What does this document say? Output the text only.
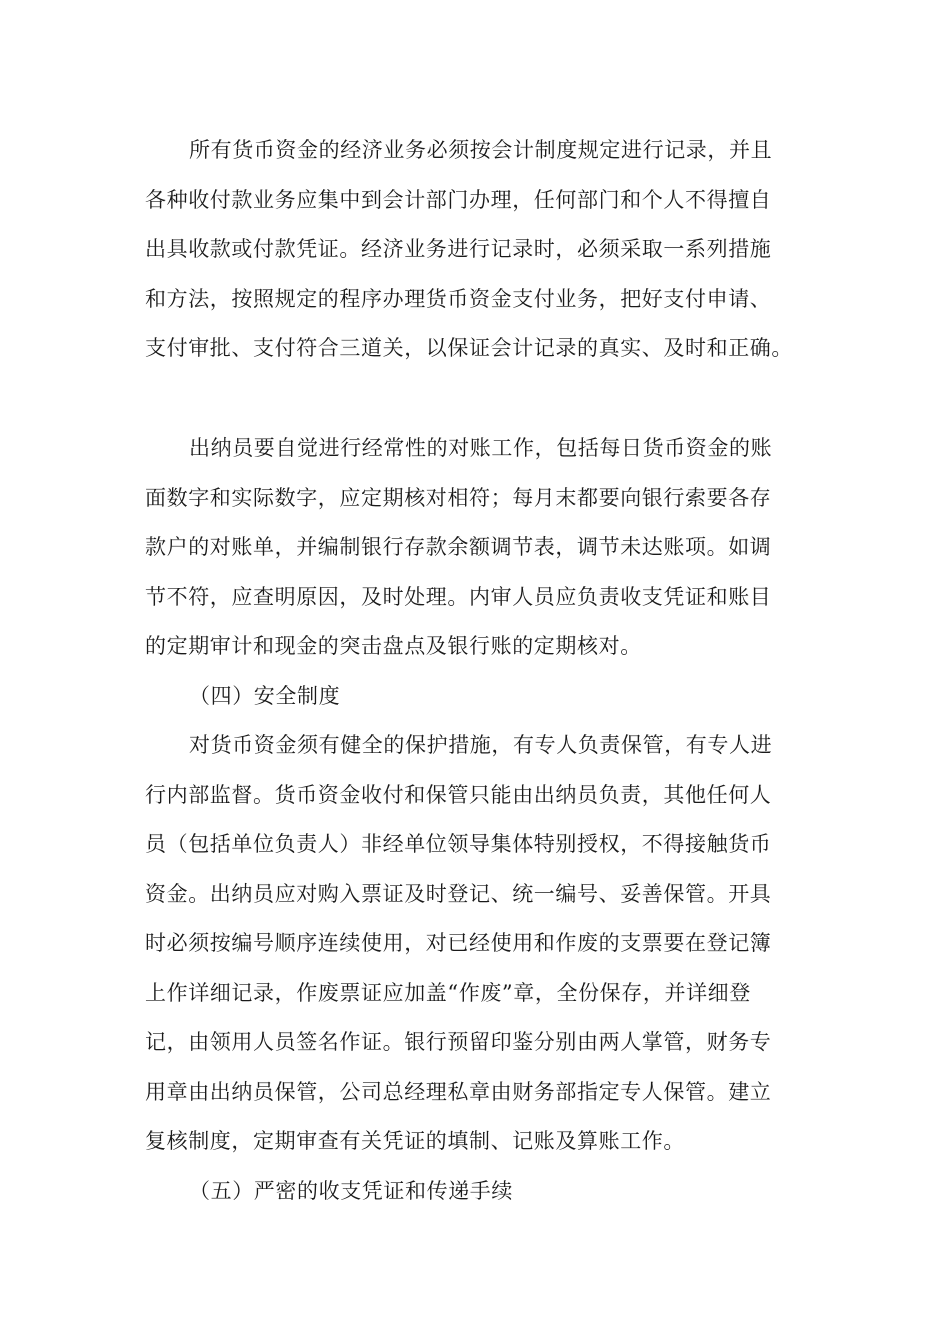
所有货币资金的经济业务必须按会计制度规定进行记录，并且
各种收付款业务应集中到会计部门办理，任何部门和个人不得擅自
出具收款或付款凭证。经济业务进行记录时，必须采取一系列措施
和方法，按照规定的程序办理货币资金支付业务，把好支付申请、
支付审批、支付符合三道关，以保证会计记录的真实、及时和正确。
出纳员要自觉进行经常性的对账工作，包括每日货币资金的账
面数字和实际数字，应定期核对相符；每月末都要向银行索要各存
款户的对账单，并编制银行存款余额调节表，调节未达账项。如调
节不符，应查明原因，及时处理。内审人员应负责收支凭证和账目
的定期审计和现金的突击盘点及银行账的定期核对。
（四）安全制度
对货币资金须有健全的保护措施，有专人负责保管，有专人进
行内部监督。货币资金收付和保管只能由出纳员负责，其他任何人
员（包括单位负责人）非经单位领导集体特别授权，不得接触货币
资金。出纳员应对购入票证及时登记、统一编号、妥善保管。开具
时必须按编号顺序连续使用，对已经使用和作废的支票要在登记簿
上作详细记录，作废票证应加盖“作废”章，全份保存，并详细登
记，由领用人员签名作证。银行预留印鉴分别由两人掌管，财务专
用章由出纳员保管，公司总经理私章由财务部指定专人保管。建立
复核制度，定期审查有关凭证的填制、记账及算账工作。
（五）严密的收支凭证和传递手续
